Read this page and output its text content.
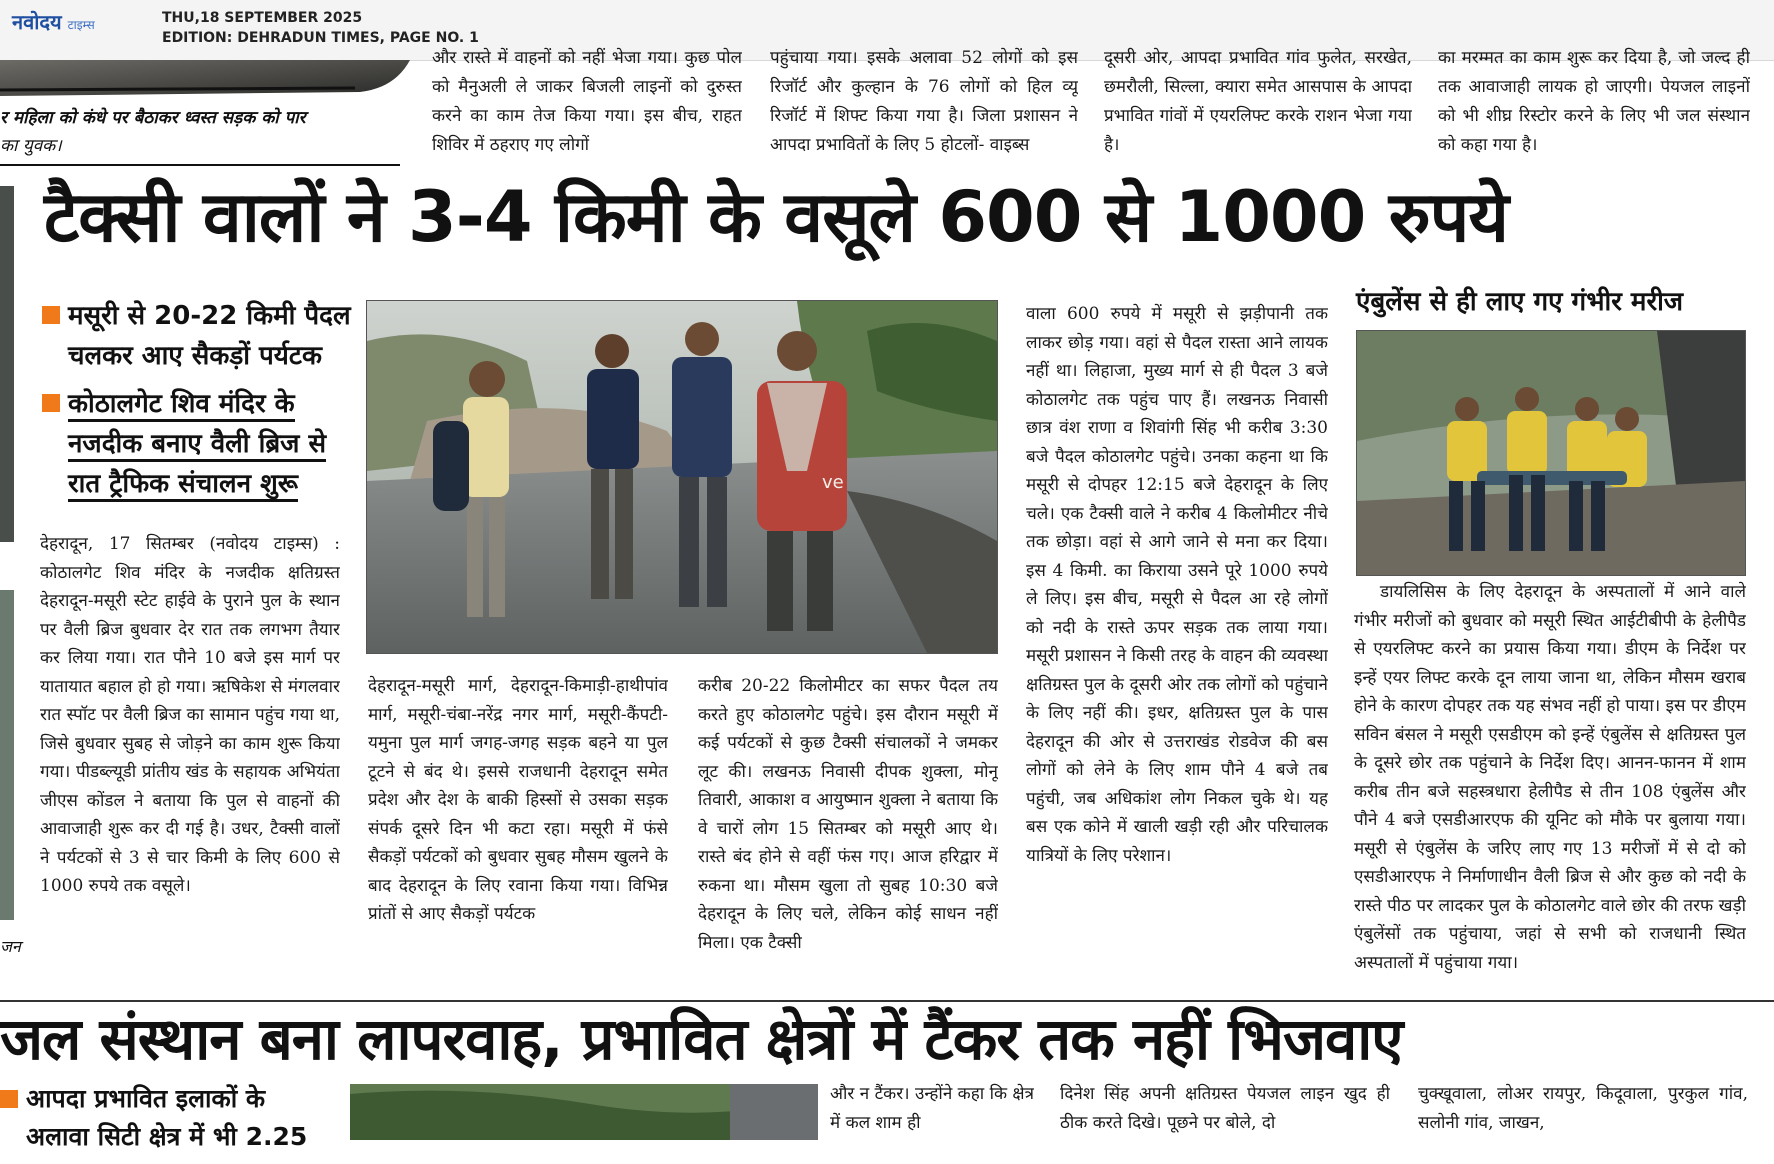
नवोदय टाइम्स	THU,18 SEPTEMBER 2025
EDITION: DEHRADUN TIMES, PAGE NO. 1
र महिला को कंधे पर बैठाकर ध्वस्त सड़क को पार
का युवक।
और रास्ते में वाहनों को नहीं भेजा गया। कुछ पोल को मैनुअली ले जाकर बिजली लाइनों को दुरुस्त करने का काम तेज किया गया। इस बीच, राहत शिविर में ठहराए गए लोगों
पहुंचाया गया। इसके अलावा 52 लोगों को इस रिजॉर्ट और कुल्हान के 76 लोगों को हिल व्यू रिजॉर्ट में शिफ्ट किया गया है। जिला प्रशासन ने आपदा प्रभावितों के लिए 5 होटलों- वाइब्स
दूसरी ओर, आपदा प्रभावित गांव फुलेत, सरखेत, छमरौली, सिल्ला, क्यारा समेत आसपास के आपदा प्रभावित गांवों में एयरलिफ्ट करके राशन भेजा गया है।
का मरम्मत का काम शुरू कर दिया है, जो जल्द ही तक आवाजाही लायक हो जाएगी। पेयजल लाइनों को भी शीघ्र रिस्टोर करने के लिए भी जल संस्थान को कहा गया है।
जन
टैक्सी वालों ने 3-4 किमी के वसूले 600 से 1000 रुपये
मसूरी से 20-22 किमी पैदल चलकर आए सैकड़ों पर्यटक
कोठालगेट शिव मंदिर के नजदीक बनाए वैली ब्रिज से रात ट्रैफिक संचालन शुरू	ve
देहरादून, 17 सितम्बर (नवोदय टाइम्स) : कोठालगेट शिव मंदिर के नजदीक क्षतिग्रस्त देहरादून-मसूरी स्टेट हाईवे के पुराने पुल के स्थान पर वैली ब्रिज बुधवार देर रात तक लगभग तैयार कर लिया गया। रात पौने 10 बजे इस मार्ग पर यातायात बहाल हो हो गया। ऋषिकेश से मंगलवार रात स्पॉट पर वैली ब्रिज का सामान पहुंच गया था, जिसे बुधवार सुबह से जोड़ने का काम शुरू किया गया। पीडब्ल्यूडी प्रांतीय खंड के सहायक अभियंता जीएस कोंडल ने बताया कि पुल से वाहनों की आवाजाही शुरू कर दी गई है। उधर, टैक्सी वालों ने पर्यटकों से 3 से चार किमी के लिए 600 से 1000 रुपये तक वसूले।
देहरादून-मसूरी मार्ग, देहरादून-किमाड़ी-हाथीपांव मार्ग, मसूरी-चंबा-नरेंद्र नगर मार्ग, मसूरी-कैंपटी-यमुना पुल मार्ग जगह-जगह सड़क बहने या पुल टूटने से बंद थे। इससे राजधानी देहरादून समेत प्रदेश और देश के बाकी हिस्सों से उसका सड़क संपर्क दूसरे दिन भी कटा रहा। मसूरी में फंसे सैकड़ों पर्यटकों को बुधवार सुबह मौसम खुलने के बाद देहरादून के लिए रवाना किया गया। विभिन्न प्रांतों से आए सैकड़ों पर्यटक
करीब 20-22 किलोमीटर का सफर पैदल तय करते हुए कोठालगेट पहुंचे। इस दौरान मसूरी में कई पर्यटकों से कुछ टैक्सी संचालकों ने जमकर लूट की। लखनऊ निवासी दीपक शुक्ला, मोनू तिवारी, आकाश व आयुष्मान शुक्ला ने बताया कि वे चारों लोग 15 सितम्बर को मसूरी आए थे। रास्ते बंद होने से वहीं फंस गए। आज हरिद्वार में रुकना था। मौसम खुला तो सुबह 10:30 बजे देहरादून के लिए चले, लेकिन कोई साधन नहीं मिला। एक टैक्सी
वाला 600 रुपये में मसूरी से झड़ीपानी तक लाकर छोड़ गया। वहां से पैदल रास्ता आने लायक नहीं था। लिहाजा, मुख्य मार्ग से ही पैदल 3 बजे कोठालगेट तक पहुंच पाए हैं। लखनऊ निवासी छात्र वंश राणा व शिवांगी सिंह भी करीब 3:30 बजे पैदल कोठालगेट पहुंचे। उनका कहना था कि मसूरी से दोपहर 12:15 बजे देहरादून के लिए चले। एक टैक्सी वाले ने करीब 4 किलोमीटर नीचे तक छोड़ा। वहां से आगे जाने से मना कर दिया। इस 4 किमी. का किराया उसने पूरे 1000 रुपये ले लिए। इस बीच, मसूरी से पैदल आ रहे लोगों को नदी के रास्ते ऊपर सड़क तक लाया गया। मसूरी प्रशासन ने किसी तरह के वाहन की व्यवस्था क्षतिग्रस्त पुल के दूसरी ओर तक लोगों को पहुंचाने के लिए नहीं की। इधर, क्षतिग्रस्त पुल के पास देहरादून की ओर से उत्तराखंड रोडवेज की बस लोगों को लेने के लिए शाम पौने 4 बजे तब पहुंची, जब अधिकांश लोग निकल चुके थे। यह बस एक कोने में खाली खड़ी रही और परिचालक यात्रियों के लिए परेशान।
एंबुलेंस से ही लाए गए गंभीर मरीज
डायलिसिस के लिए देहरादून के अस्पतालों में आने वाले गंभीर मरीजों को बुधवार को मसूरी स्थित आईटीबीपी के हेलीपैड से एयरलिफ्ट करने का प्रयास किया गया। डीएम के निर्देश पर इन्हें एयर लिफ्ट करके दून लाया जाना था, लेकिन मौसम खराब होने के कारण दोपहर तक यह संभव नहीं हो पाया। इस पर डीएम सविन बंसल ने मसूरी एसडीएम को इन्हें एंबुलेंस से क्षतिग्रस्त पुल के दूसरे छोर तक पहुंचाने के निर्देश दिए। आनन-फानन में शाम करीब तीन बजे सहस्त्रधारा हेलीपैड से तीन 108 एंबुलेंस और पौने 4 बजे एसडीआरएफ की यूनिट को मौके पर बुलाया गया। मसूरी से एंबुलेंस के जरिए लाए गए 13 मरीजों में से दो को एसडीआरएफ ने निर्माणाधीन वैली ब्रिज से और कुछ को नदी के रास्ते पीठ पर लादकर पुल के कोठालगेट वाले छोर की तरफ खड़ी एंबुलेंसों तक पहुंचाया, जहां से सभी को राजधानी स्थित अस्पतालों में पहुंचाया गया।
जल संस्थान बना लापरवाह, प्रभावित क्षेत्रों में टैंकर तक नहीं भिजवाए
आपदा प्रभावित इलाकों के अलावा सिटी क्षेत्र में भी 2.25
और न टैंकर। उन्होंने कहा कि क्षेत्र में कल शाम ही
दिनेश सिंह अपनी क्षतिग्रस्त पेयजल लाइन खुद ही ठीक करते दिखे। पूछने पर बोले, दो
चुक्खूवाला, लोअर रायपुर, किदूवाला, पुरकुल गांव, सलोनी गांव, जाखन,
